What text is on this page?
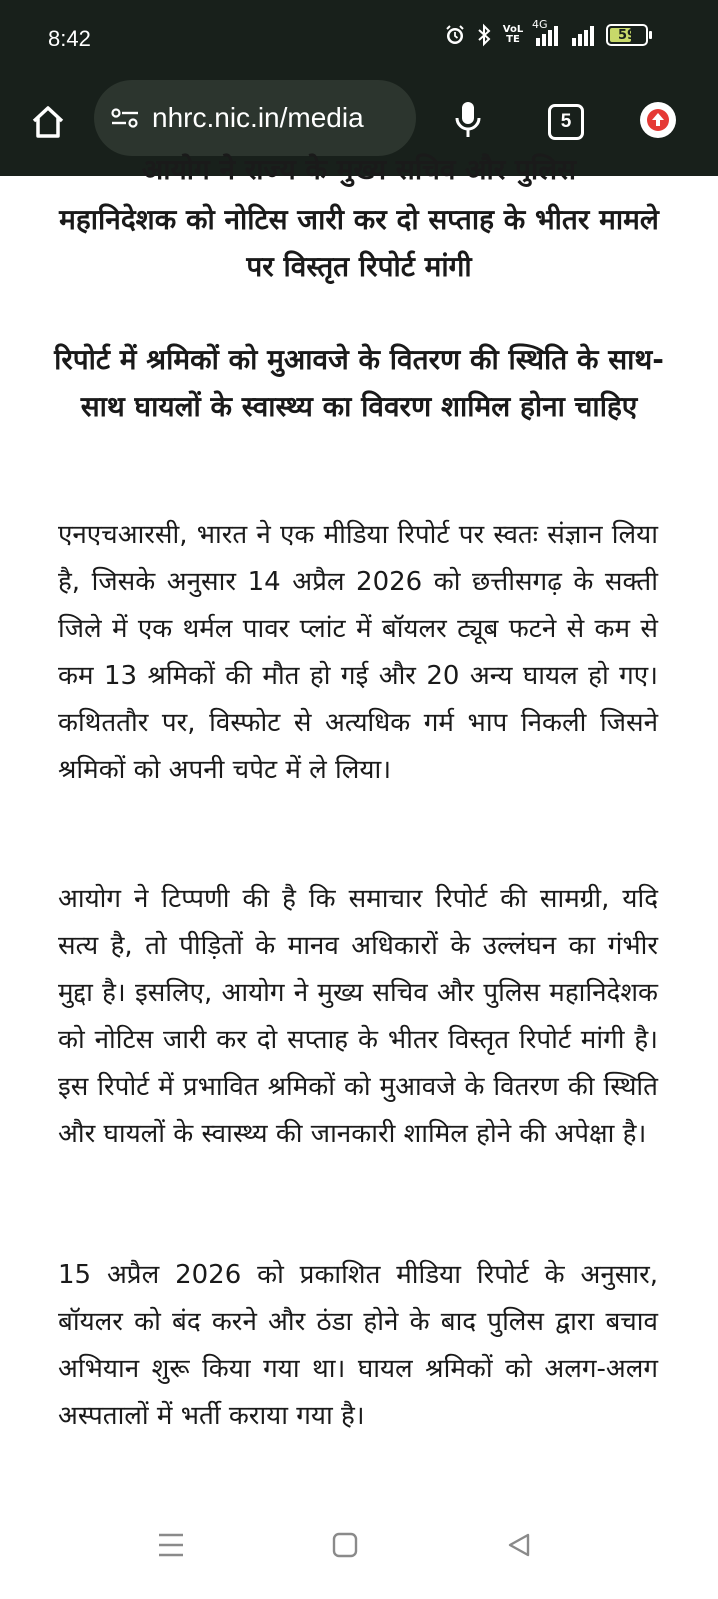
8:42	VoLTE
4G
59
nhrc.nic.in/media	5
आयोग ने राज्य के मुख्य सचिव और पुलिस
महानिदेशक को नोटिस जारी कर दो सप्ताह के भीतर मामले पर विस्तृत रिपोर्ट मांगी
रिपोर्ट में श्रमिकों को मुआवजे के वितरण की स्थिति के साथ-साथ घायलों के स्वास्थ्य का विवरण शामिल होना चाहिए
एनएचआरसी, भारत ने एक मीडिया रिपोर्ट पर स्वतः संज्ञान लिया है, जिसके अनुसार 14 अप्रैल 2026 को छत्तीसगढ़ के सक्ती जिले में एक थर्मल पावर प्लांट में बॉयलर ट्यूब फटने से कम से कम 13 श्रमिकों की मौत हो गई और 20 अन्य घायल हो गए। कथिततौर पर, विस्फोट से अत्यधिक गर्म भाप निकली जिसने श्रमिकों को अपनी चपेट में ले लिया।
आयोग ने टिप्पणी की है कि समाचार रिपोर्ट की सामग्री, यदि सत्य है, तो पीड़ितों के मानव अधिकारों के उल्लंघन का गंभीर मुद्दा है। इसलिए, आयोग ने मुख्य सचिव और पुलिस महानिदेशक को नोटिस जारी कर दो सप्ताह के भीतर विस्तृत रिपोर्ट मांगी है। इस रिपोर्ट में प्रभावित श्रमिकों को मुआवजे के वितरण की स्थिति और घायलों के स्वास्थ्य की जानकारी शामिल होने की अपेक्षा है।
15 अप्रैल 2026 को प्रकाशित मीडिया रिपोर्ट के अनुसार, बॉयलर को बंद करने और ठंडा होने के बाद पुलिस द्वारा बचाव अभियान शुरू किया गया था। घायल श्रमिकों को अलग-अलग अस्पतालों में भर्ती कराया गया है।
